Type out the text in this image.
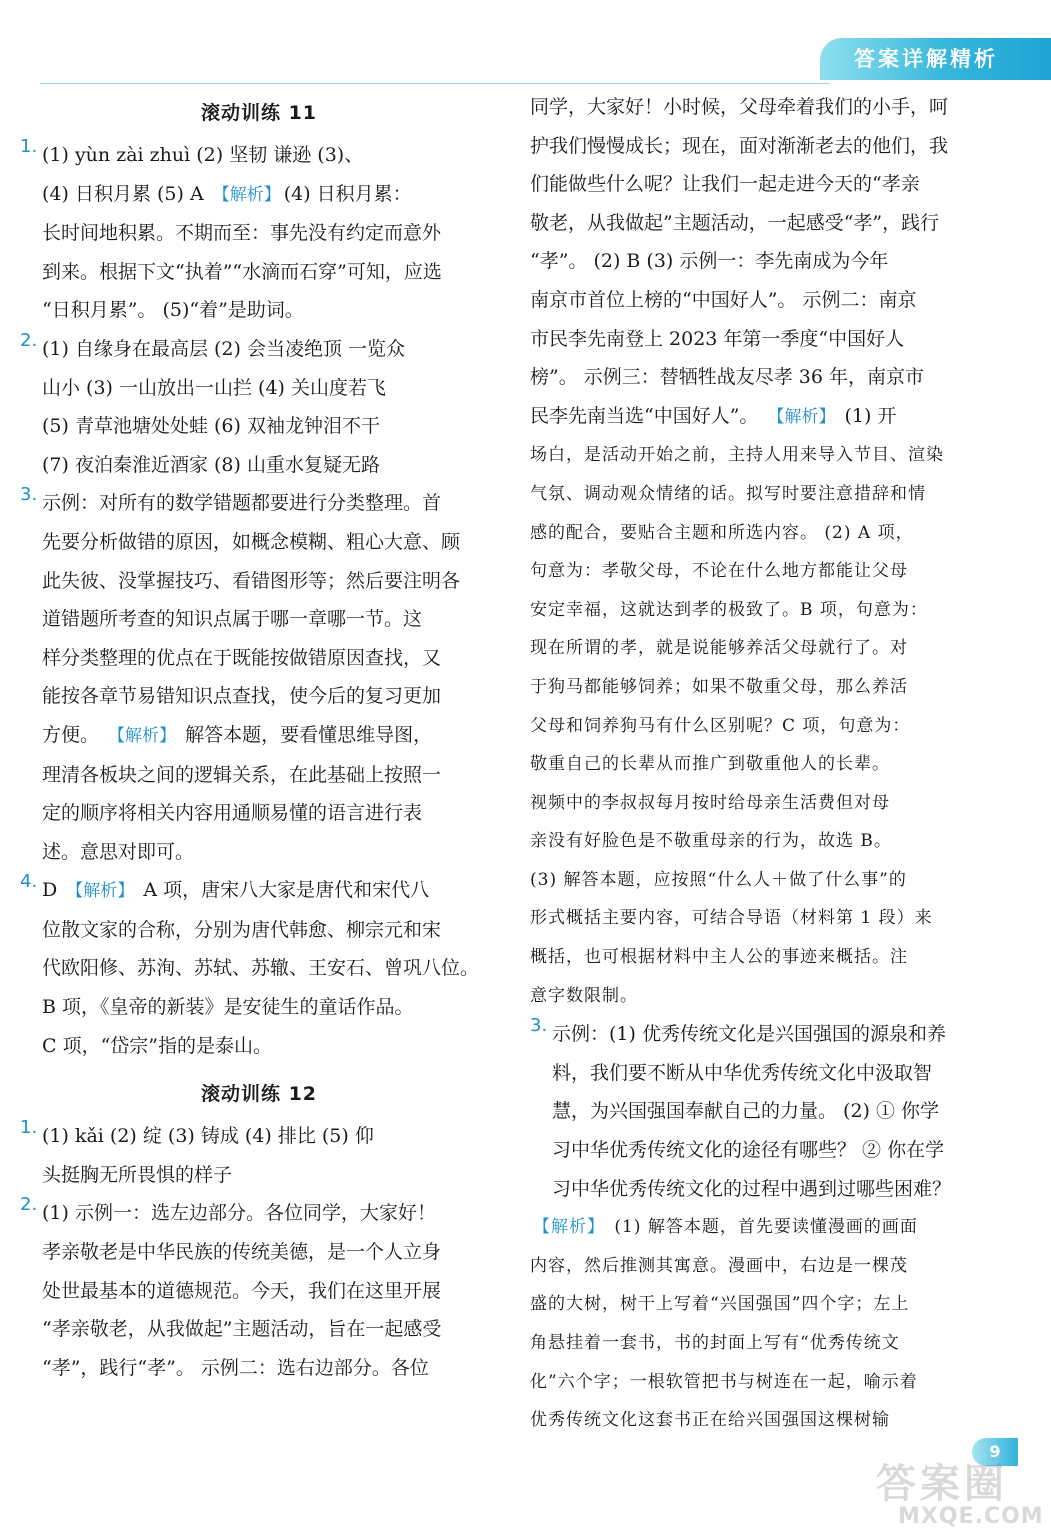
答案详解精析
滚动训练 11
1. (1) yùn zài zhuì (2) 坚韧 谦逊 (3)、

(4) 日积月累 (5) A 【解析】 (4) 日积月累：

长时间地积累。不期而至：事先没有约定而意外

到来。根据下文“执着”“水滴而石穿”可知，应选

“日积月累”。 (5)“着”是助词。

2. (1) 自缘身在最高层 (2) 会当凌绝顶 一览众

山小 (3) 一山放出一山拦 (4) 关山度若飞

(5) 青草池塘处处蛙 (6) 双袖龙钟泪不干

(7) 夜泊秦淮近酒家 (8) 山重水复疑无路

3. 示例：对所有的数学错题都要进行分类整理。首

先要分析做错的原因，如概念模糊、粗心大意、顾

此失彼、没掌握技巧、看错图形等；然后要注明各

道错题所考查的知识点属于哪一章哪一节。这

样分类整理的优点在于既能按做错原因查找，又

能按各章节易错知识点查找，使今后的复习更加

方便。 【解析】 解答本题，要看懂思维导图，

理清各板块之间的逻辑关系，在此基础上按照一

定的顺序将相关内容用通顺易懂的语言进行表

述。意思对即可。

4. D 【解析】 A 项，唐宋八大家是唐代和宋代八

位散文家的合称，分别为唐代韩愈、柳宗元和宋

代欧阳修、苏洵、苏轼、苏辙、王安石、曾巩八位。

B 项，《皇帝的新装》是安徒生的童话作品。

C 项，“岱宗”指的是泰山。

滚动训练 12
1. (1) kǎi (2) 绽 (3) 铸成 (4) 排比 (5) 仰

头挺胸无所畏惧的样子

2. (1) 示例一：选左边部分。各位同学，大家好！

孝亲敬老是中华民族的传统美德，是一个人立身

处世最基本的道德规范。今天，我们在这里开展

“孝亲敬老，从我做起”主题活动，旨在一起感受

“孝”，践行“孝”。 示例二：选右边部分。各位

同学，大家好！小时候，父母牵着我们的小手，呵

护我们慢慢成长；现在，面对渐渐老去的他们，我

们能做些什么呢？让我们一起走进今天的“孝亲

敬老，从我做起”主题活动，一起感受“孝”，践行

“孝”。 (2) B (3) 示例一：李先南成为今年

南京市首位上榜的“中国好人”。 示例二：南京

市民李先南登上 2023 年第一季度“中国好人

榜”。 示例三：替牺牲战友尽孝 36 年，南京市

民李先南当选“中国好人”。 【解析】 (1) 开

场白，是活动开始之前，主持人用来导入节目、渲染

气氛、调动观众情绪的话。拟写时要注意措辞和情

感的配合，要贴合主题和所选内容。 (2) A 项，

句意为：孝敬父母，不论在什么地方都能让父母

安定幸福，这就达到孝的极致了。B 项，句意为：

现在所谓的孝，就是说能够养活父母就行了。对

于狗马都能够饲养；如果不敬重父母，那么养活

父母和饲养狗马有什么区别呢？C 项，句意为：

敬重自己的长辈从而推广到敬重他人的长辈。

视频中的李叔叔每月按时给母亲生活费但对母

亲没有好脸色是不敬重母亲的行为，故选 B。

(3) 解答本题，应按照“什么人＋做了什么事”的

形式概括主要内容，可结合导语（材料第 1 段）来

概括，也可根据材料中主人公的事迹来概括。注

意字数限制。

3. 示例：(1) 优秀传统文化是兴国强国的源泉和养

料，我们要不断从中华优秀传统文化中汲取智

慧，为兴国强国奉献自己的力量。 (2) ① 你学

习中华优秀传统文化的途径有哪些？ ② 你在学

习中华优秀传统文化的过程中遇到过哪些困难？

【解析】 (1) 解答本题，首先要读懂漫画的画面

内容，然后推测其寓意。漫画中，右边是一棵茂

盛的大树，树干上写着“兴国强国”四个字；左上

角悬挂着一套书，书的封面上写有“优秀传统文

化”六个字；一根软管把书与树连在一起，喻示着

优秀传统文化这套书正在给兴国强国这棵树输

9
答案圈
MXQE.COM
